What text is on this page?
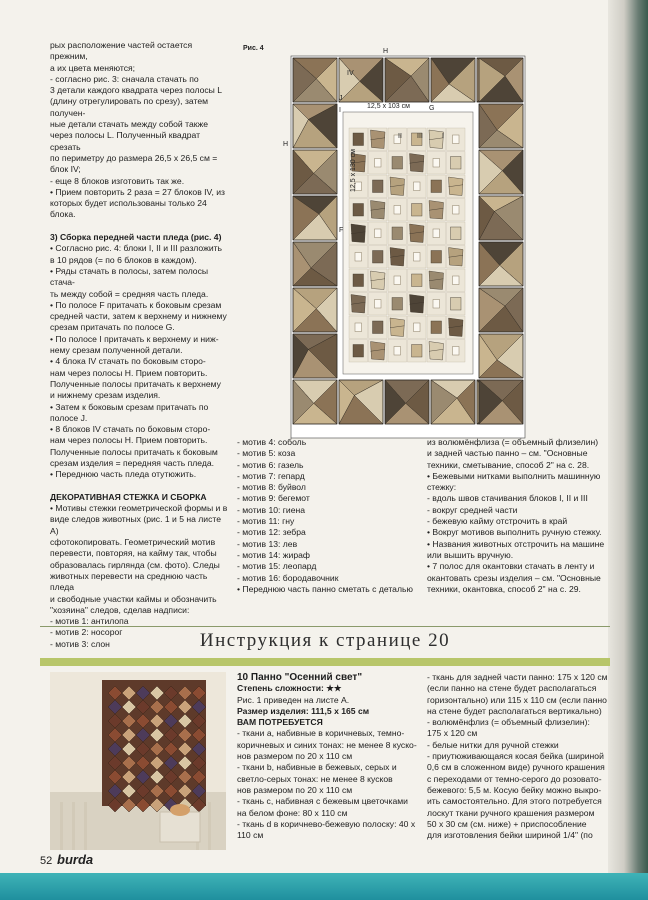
рых расположение частей остается прежним,

а их цвета меняются;

- согласно рис. 3: сначала стачать по

3 детали каждого квадрата через полосы L

(длину отрегулировать по срезу), затем получен-

ные детали стачать между собой также

через полосы L. Полученный квадрат срезать

по периметру до размера 26,5 х 26,5 см =

блок IV;

- еще 8 блоков изготовить так же.

• Прием повторить 2 раза = 27 блоков IV, из

которых будет использованы только 24 блока.

3) Сборка передней части пледа (рис. 4)

• Согласно рис. 4: блоки I, II и III разложить

в 10 рядов (= по 6 блоков в каждом).

• Ряды стачать в полосы, затем полосы стача-

ть между собой = средняя часть пледа.

• По полосе F притачать к боковым срезам

средней части, затем к верхнему и нижнему

срезам притачать по полосе G.

• По полосе I притачать к верхнему и ниж-

нему срезам полученной детали.

• 4 блока IV стачать по боковым сторо-

нам через полосы H. Прием повторить.

Полученные полосы притачать к верхнему

и нижнему срезам изделия.

• Затем к боковым срезам притачать по

полосе J.

• 8 блоков IV стачать по боковым сторо-

нам через полосы H. Прием повторить.

Полученные полосы притачать к боковым

срезам изделия = передняя часть пледа.

• Переднюю часть пледа отутюжить.

ДЕКОРАТИВНАЯ СТЕЖКА И СБОРКА

• Мотивы стежки геометрической формы и в

виде следов животных (рис. 1 и 5 на листе А)

сфотокопировать. Геометрический мотив

перевести, повторяя, на кайму так, чтобы

образовалась гирлянда (см. фото). Следы

животных перевести на среднюю часть пледа

и свободные участки каймы и обозначить

"хозяина" следов, сделав надписи:

- мотив 1: антилопа

- мотив 2: носорог

- мотив 3: слон

Рис. 4	H
H
IV
J
I	G
F
12,5 х 103 см
12,5 х 130 см
II III	I

- мотив 4: соболь

- мотив 5: коза

- мотив 6: газель

- мотив 7: гепард

- мотив 8: буйвол

- мотив 9: бегемот

- мотив 10: гиена

- мотив 11: гну

- мотив 12: зебра

- мотив 13: лев

- мотив 14: жираф

- мотив 15: леопард

- мотив 16: бородавочник

• Переднюю часть панно сметать с деталью

из волюмёнфлиза (= объемный флизелин)

и задней частью панно – см. "Основные

техники, сметывание, способ 2" на с. 28.

• Бежевыми нитками выполнить машинную

стежку:

- вдоль швов стачивания блоков I, II и III

- вокруг средней части

- бежевую кайму отстрочить в край

• Вокруг мотивов выполнить ручную стежку.

• Названия животных отстрочить на машине

или вышить вручную.

• 7 полос для окантовки стачать в ленту и

окантовать срезы изделия – см. "Основные

техники, окантовка, способ 2" на с. 29.

Инструкция к странице 20

10 Панно "Осенний свет"

Степень сложности: ★★

Рис. 1 приведен на листе А.

Размер изделия: 111,5 х 165 см

ВАМ ПОТРЕБУЕТСЯ

- ткани а, набивные в коричневых, темно-

коричневых и синих тонах: не менее 8 куско-

нов размером по 20 х 110 см

- ткани b, набивные в бежевых, серых и

светло-серых тонах: не менее 8 кусков

нов размером по 20 х 110 см

- ткань с, набивная с бежевым цветочками

на белом фоне: 80 х 110 см

- ткань d в коричнево-бежевую полоску: 40 х

110 см

- ткань для задней части панно: 175 х 120 см

(если панно на стене будет располагаться

горизонтально) или 115 х 110 см (если панно

на стене будет располагаться вертикально)

- волюмёнфлиз (= объемный флизелин):

175 х 120 см

- белые нитки для ручной стежки

- приутюживающаяся косая бейка (шириной

0,6 см в сложенном виде) ручного крашения

с переходами от темно-серого до розовато-

бежевого: 5,5 м. Косую бейку можно выкро-

ить самостоятельно. Для этого потребуется

лоскут ткани ручного крашения размером

50 х 30 см (см. ниже) + приспособление

для изготовления бейки шириной 1/4" (по

52 burda
